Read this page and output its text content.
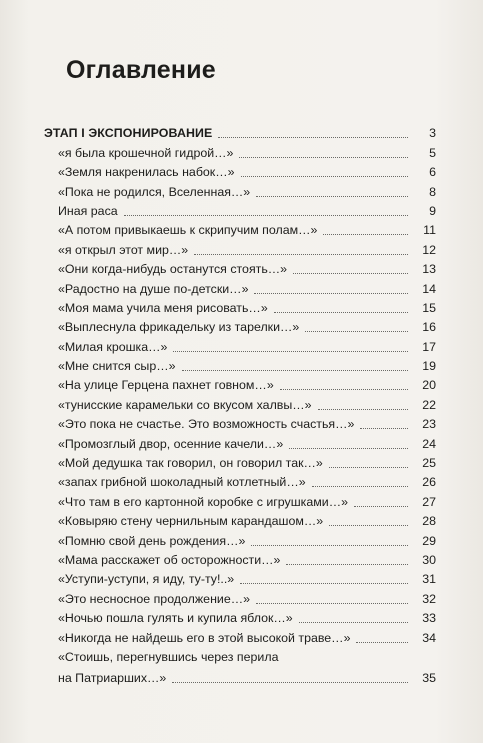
Оглавление
ЭТАП I ЭКСПОНИРОВАНИЕ	3
«я была крошечной гидрой…»	5
«Земля накренилась набок…»	6
«Пока не родился, Вселенная…»	8
Иная раса	9
«А потом привыкаешь к скрипучим полам…»	11
«я открыл этот мир…»	12
«Они когда-нибудь останутся стоять…»	13
«Радостно на душе по-детски…»	14
«Моя мама учила меня рисовать…»	15
«Выплеснула фрикадельку из тарелки…»	16
«Милая крошка…»	17
«Мне снится сыр…»	19
«На улице Герцена пахнет говном…»	20
«тунисские карамельки со вкусом халвы…»	22
«Это пока не счастье. Это возможность счастья…»	23
«Промозглый двор, осенние качели…»	24
«Мой дедушка так говорил, он говорил так…»	25
«запах грибной шоколадный котлетный…»	26
«Что там в его картонной коробке с игрушками…»	27
«Ковыряю стену чернильным карандашом…»	28
«Помню свой день рождения…»	29
«Мама расскажет об осторожности…»	30
«Уступи-уступи, я иду, ту-ту!..»	31
«Это несносное продолжение…»	32
«Ночью пошла гулять и купила яблок…»	33
«Никогда не найдешь его в этой высокой траве…»	34
«Стоишь, перегнувшись через перила
на Патриарших…»	35
